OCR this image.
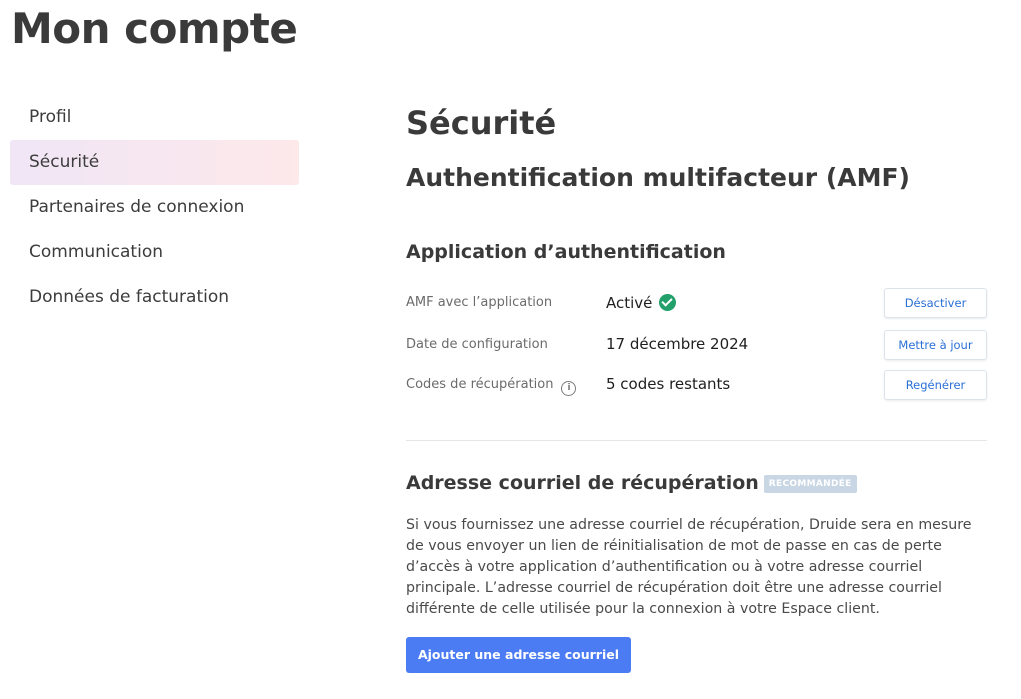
Mon compte
Profil
Sécurité
Partenaires de connexion
Communication
Données de facturation
Sécurité
Authentification multifacteur (AMF)
Application d’authentification
AMF avec l’application	Activé	Désactiver
Date de configuration	17 décembre 2024	Mettre à jour
Codes de récupération i	5 codes restants	Regénérer
Adresse courriel de récupération RECOMMANDÉE

Si vous fournissez une adresse courriel de récupération, Druide sera en mesure de vous envoyer un lien de réinitialisation de mot de passe en cas de perte d’accès à votre application d’authentification ou à votre adresse courriel principale. L’adresse courriel de récupération doit être une adresse courriel différente de celle utilisée pour la connexion à votre Espace client.

Ajouter une adresse courriel
